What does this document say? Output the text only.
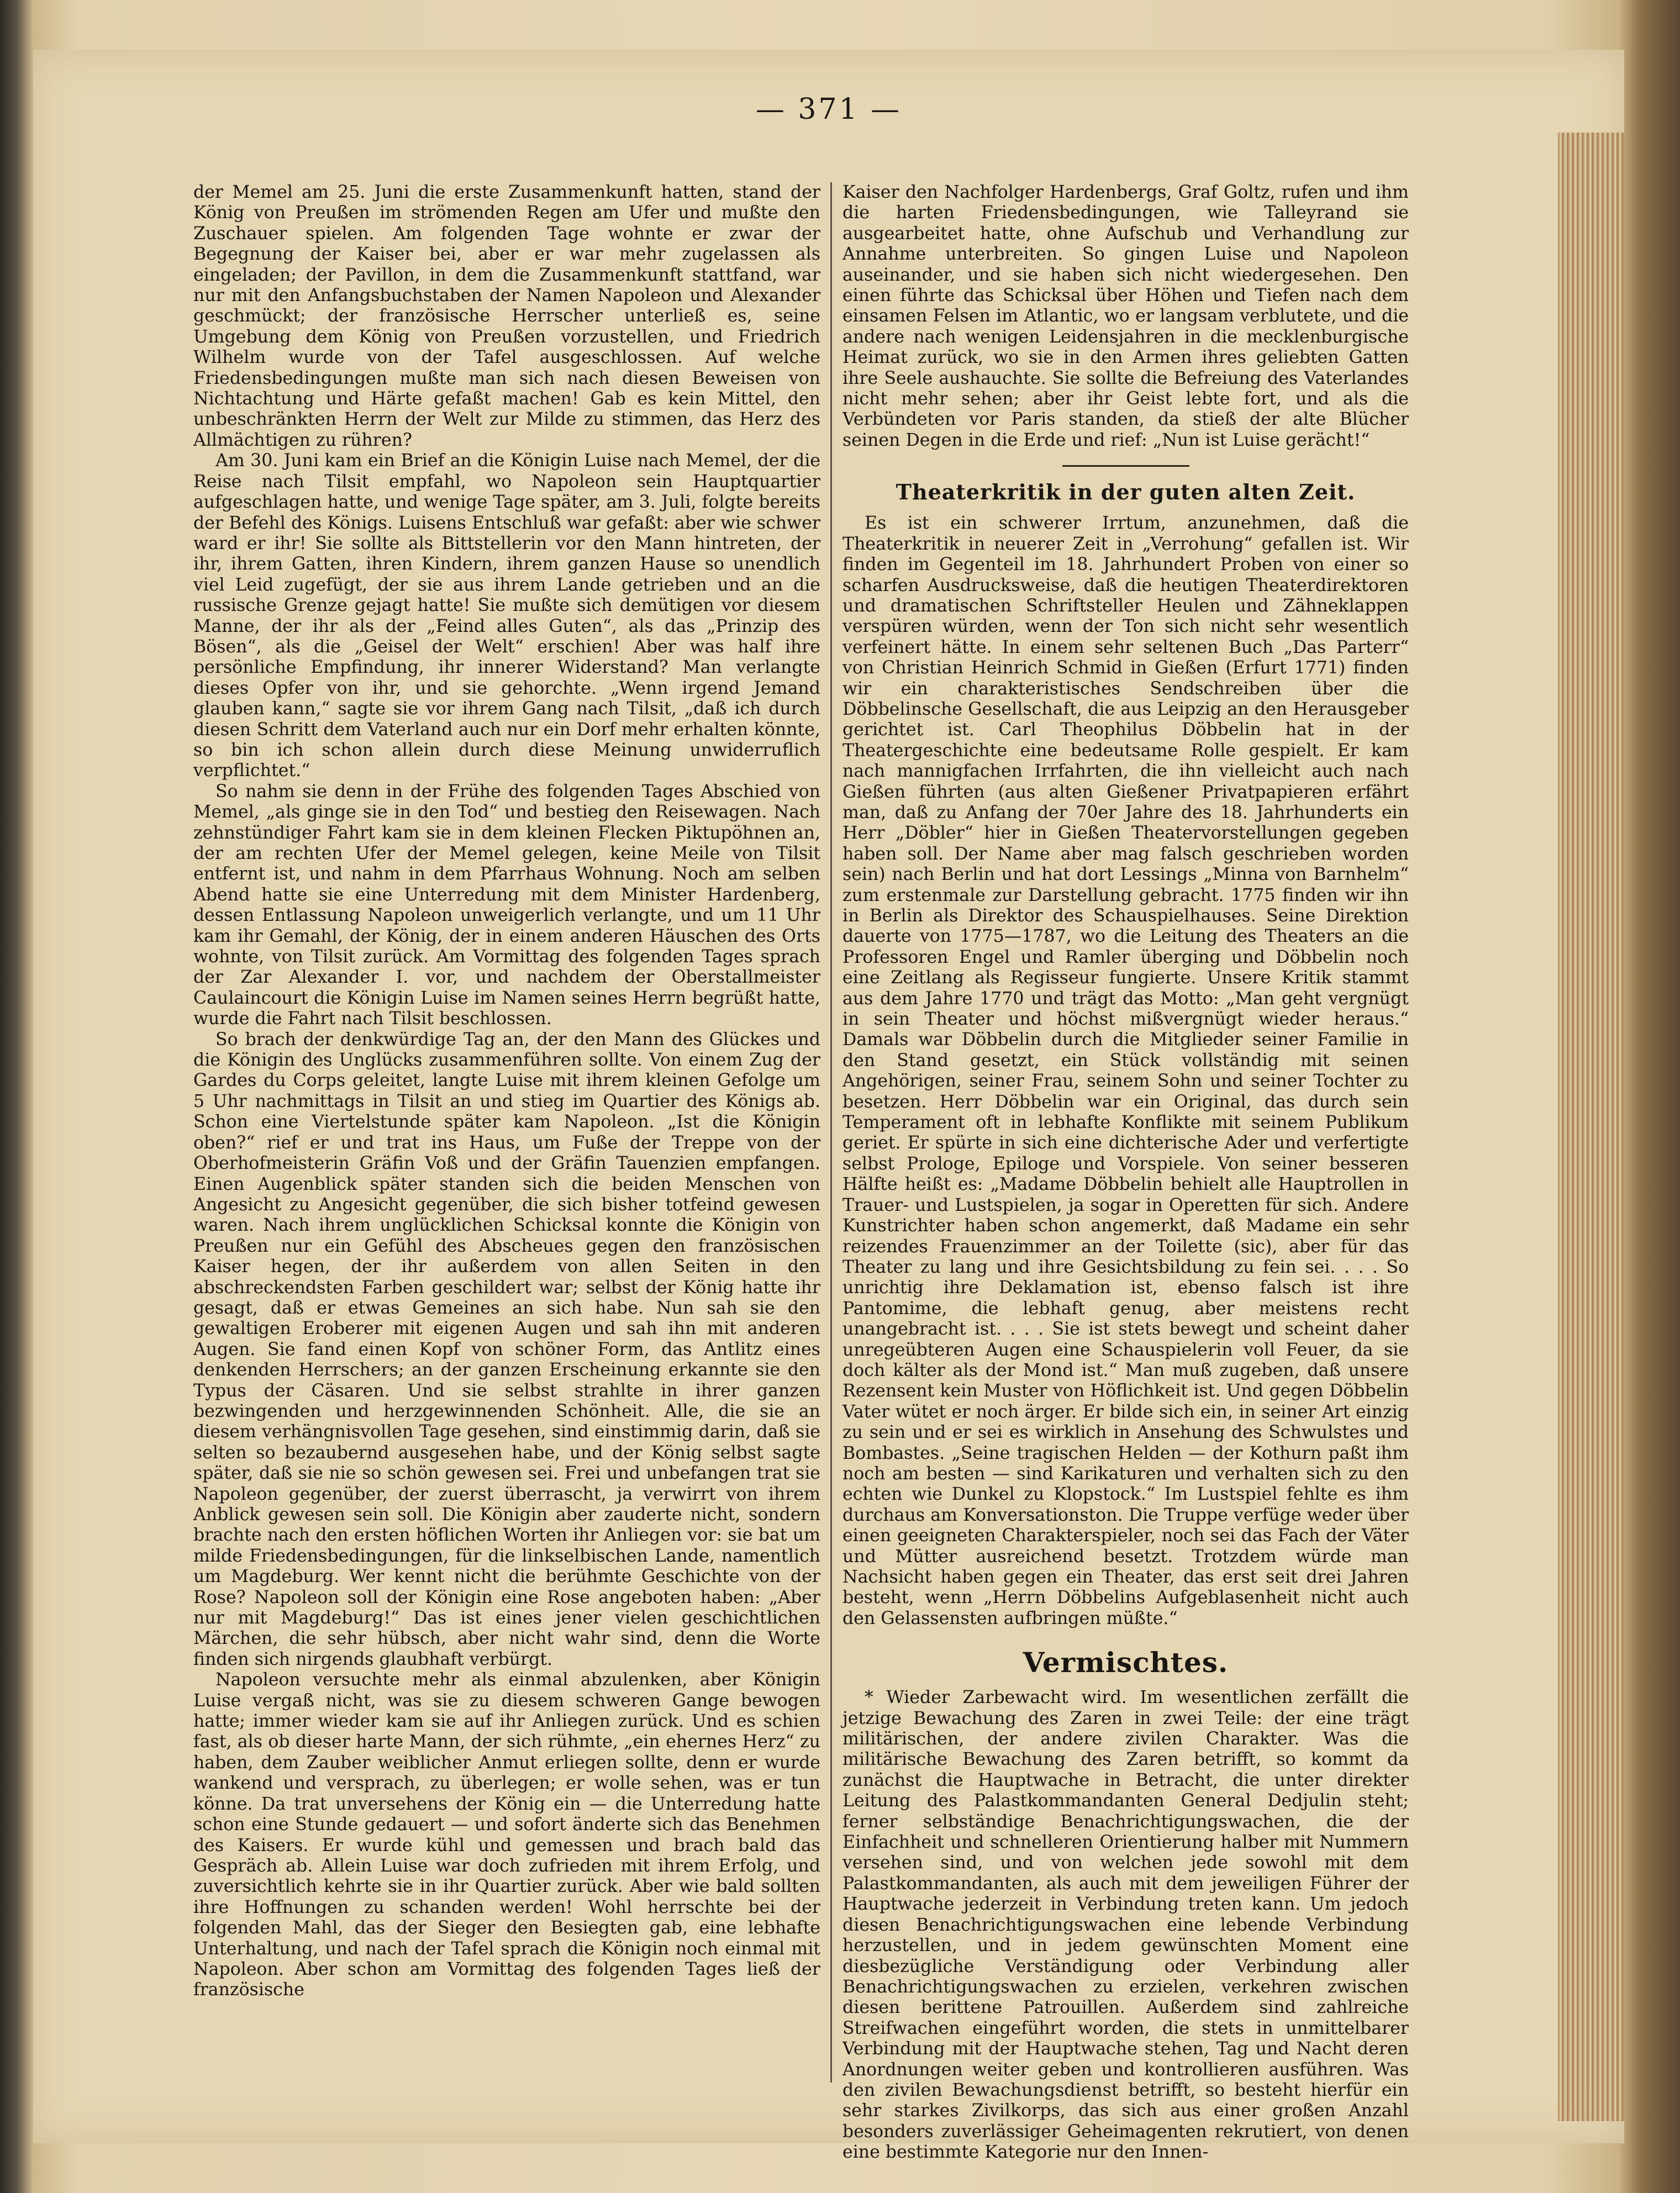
— 371 —

der Memel am 25. Juni die erste Zusammenkunft hatten, stand der König von Preußen im strömenden Regen am Ufer und mußte den Zuschauer spielen. Am folgenden Tage wohnte er zwar der Begegnung der Kaiser bei, aber er war mehr zugelassen als eingeladen; der Pavillon, in dem die Zusammenkunft stattfand, war nur mit den Anfangsbuchstaben der Namen Napoleon und Alexander geschmückt; der französische Herrscher unterließ es, seine Umgebung dem König von Preußen vorzustellen, und Friedrich Wilhelm wurde von der Tafel ausgeschlossen. Auf welche Friedensbedingungen mußte man sich nach diesen Beweisen von Nichtachtung und Härte gefaßt machen! Gab es kein Mittel, den unbeschränkten Herrn der Welt zur Milde zu stimmen, das Herz des Allmächtigen zu rühren?

Am 30. Juni kam ein Brief an die Königin Luise nach Memel, der die Reise nach Tilsit empfahl, wo Napoleon sein Hauptquartier aufgeschlagen hatte, und wenige Tage später, am 3. Juli, folgte bereits der Befehl des Königs. Luisens Entschluß war gefaßt: aber wie schwer ward er ihr! Sie sollte als Bittstellerin vor den Mann hintreten, der ihr, ihrem Gatten, ihren Kindern, ihrem ganzen Hause so unendlich viel Leid zugefügt, der sie aus ihrem Lande getrieben und an die russische Grenze gejagt hatte! Sie mußte sich demütigen vor diesem Manne, der ihr als der „Feind alles Guten“, als das „Prinzip des Bösen“, als die „Geisel der Welt“ erschien! Aber was half ihre persönliche Empfindung, ihr innerer Widerstand? Man verlangte dieses Opfer von ihr, und sie gehorchte. „Wenn irgend Jemand glauben kann,“ sagte sie vor ihrem Gang nach Tilsit, „daß ich durch diesen Schritt dem Vaterland auch nur ein Dorf mehr erhalten könnte, so bin ich schon allein durch diese Meinung unwiderruflich verpflichtet.“

So nahm sie denn in der Frühe des folgenden Tages Abschied von Memel, „als ginge sie in den Tod“ und bestieg den Reisewagen. Nach zehnstündiger Fahrt kam sie in dem kleinen Flecken Piktupöhnen an, der am rechten Ufer der Memel gelegen, keine Meile von Tilsit entfernt ist, und nahm in dem Pfarrhaus Wohnung. Noch am selben Abend hatte sie eine Unterredung mit dem Minister Hardenberg, dessen Entlassung Napoleon unweigerlich verlangte, und um 11 Uhr kam ihr Gemahl, der König, der in einem anderen Häuschen des Orts wohnte, von Tilsit zurück. Am Vormittag des folgenden Tages sprach der Zar Alexander I. vor, und nachdem der Oberstallmeister Caulaincourt die Königin Luise im Namen seines Herrn begrüßt hatte, wurde die Fahrt nach Tilsit beschlossen.

So brach der denkwürdige Tag an, der den Mann des Glückes und die Königin des Unglücks zusammenführen sollte. Von einem Zug der Gardes du Corps geleitet, langte Luise mit ihrem kleinen Gefolge um 5 Uhr nachmittags in Tilsit an und stieg im Quartier des Königs ab. Schon eine Viertelstunde später kam Napoleon. „Ist die Königin oben?“ rief er und trat ins Haus, um Fuße der Treppe von der Oberhofmeisterin Gräfin Voß und der Gräfin Tauenzien empfangen. Einen Augenblick später standen sich die beiden Menschen von Angesicht zu Angesicht gegenüber, die sich bisher totfeind gewesen waren. Nach ihrem unglücklichen Schicksal konnte die Königin von Preußen nur ein Gefühl des Abscheues gegen den französischen Kaiser hegen, der ihr außerdem von allen Seiten in den abschreckendsten Farben geschildert war; selbst der König hatte ihr gesagt, daß er etwas Gemeines an sich habe. Nun sah sie den gewaltigen Eroberer mit eigenen Augen und sah ihn mit anderen Augen. Sie fand einen Kopf von schöner Form, das Antlitz eines denkenden Herrschers; an der ganzen Erscheinung erkannte sie den Typus der Cäsaren. Und sie selbst strahlte in ihrer ganzen bezwingenden und herzgewinnenden Schönheit. Alle, die sie an diesem verhängnisvollen Tage gesehen, sind einstimmig darin, daß sie selten so bezaubernd ausgesehen habe, und der König selbst sagte später, daß sie nie so schön gewesen sei. Frei und unbefangen trat sie Napoleon gegenüber, der zuerst überrascht, ja verwirrt von ihrem Anblick gewesen sein soll. Die Königin aber zauderte nicht, sondern brachte nach den ersten höflichen Worten ihr Anliegen vor: sie bat um milde Friedensbedingungen, für die linkselbischen Lande, namentlich um Magdeburg. Wer kennt nicht die berühmte Geschichte von der Rose? Napoleon soll der Königin eine Rose angeboten haben: „Aber nur mit Magdeburg!“ Das ist eines jener vielen geschichtlichen Märchen, die sehr hübsch, aber nicht wahr sind, denn die Worte finden sich nirgends glaubhaft verbürgt.

Napoleon versuchte mehr als einmal abzulenken, aber Königin Luise vergaß nicht, was sie zu diesem schweren Gange bewogen hatte; immer wieder kam sie auf ihr Anliegen zurück. Und es schien fast, als ob dieser harte Mann, der sich rühmte, „ein ehernes Herz“ zu haben, dem Zauber weiblicher Anmut erliegen sollte, denn er wurde wankend und versprach, zu überlegen; er wolle sehen, was er tun könne. Da trat unversehens der König ein — die Unterredung hatte schon eine Stunde gedauert — und sofort änderte sich das Benehmen des Kaisers. Er wurde kühl und gemessen und brach bald das Gespräch ab. Allein Luise war doch zufrieden mit ihrem Erfolg, und zuversichtlich kehrte sie in ihr Quartier zurück. Aber wie bald sollten ihre Hoffnungen zu schanden werden! Wohl herrschte bei der folgenden Mahl, das der Sieger den Besiegten gab, eine lebhafte Unterhaltung, und nach der Tafel sprach die Königin noch einmal mit Napoleon. Aber schon am Vormittag des folgenden Tages ließ der französische

Kaiser den Nachfolger Hardenbergs, Graf Goltz, rufen und ihm die harten Friedensbedingungen, wie Talleyrand sie ausgearbeitet hatte, ohne Aufschub und Verhandlung zur Annahme unterbreiten. So gingen Luise und Napoleon auseinander, und sie haben sich nicht wiedergesehen. Den einen führte das Schicksal über Höhen und Tiefen nach dem einsamen Felsen im Atlantic, wo er langsam verblutete, und die andere nach wenigen Leidensjahren in die mecklenburgische Heimat zurück, wo sie in den Armen ihres geliebten Gatten ihre Seele aushauchte. Sie sollte die Befreiung des Vaterlandes nicht mehr sehen; aber ihr Geist lebte fort, und als die Verbündeten vor Paris standen, da stieß der alte Blücher seinen Degen in die Erde und rief: „Nun ist Luise gerächt!“

Theaterkritik in der guten alten Zeit.

Es ist ein schwerer Irrtum, anzunehmen, daß die Theaterkritik in neuerer Zeit in „Verrohung“ gefallen ist. Wir finden im Gegenteil im 18. Jahrhundert Proben von einer so scharfen Ausdrucksweise, daß die heutigen Theaterdirektoren und dramatischen Schriftsteller Heulen und Zähneklappen verspüren würden, wenn der Ton sich nicht sehr wesentlich verfeinert hätte. In einem sehr seltenen Buch „Das Parterr“ von Christian Heinrich Schmid in Gießen (Erfurt 1771) finden wir ein charakteristisches Sendschreiben über die Döbbelinsche Gesellschaft, die aus Leipzig an den Herausgeber gerichtet ist. Carl Theophilus Döbbelin hat in der Theatergeschichte eine bedeutsame Rolle gespielt. Er kam nach mannigfachen Irrfahrten, die ihn vielleicht auch nach Gießen führten (aus alten Gießener Privatpapieren erfährt man, daß zu Anfang der 70er Jahre des 18. Jahrhunderts ein Herr „Döbler“ hier in Gießen Theatervorstellungen gegeben haben soll. Der Name aber mag falsch geschrieben worden sein) nach Berlin und hat dort Lessings „Minna von Barnhelm“ zum erstenmale zur Darstellung gebracht. 1775 finden wir ihn in Berlin als Direktor des Schauspielhauses. Seine Direktion dauerte von 1775—1787, wo die Leitung des Theaters an die Professoren Engel und Ramler überging und Döbbelin noch eine Zeitlang als Regisseur fungierte. Unsere Kritik stammt aus dem Jahre 1770 und trägt das Motto: „Man geht vergnügt in sein Theater und höchst mißvergnügt wieder heraus.“ Damals war Döbbelin durch die Mitglieder seiner Familie in den Stand gesetzt, ein Stück vollständig mit seinen Angehörigen, seiner Frau, seinem Sohn und seiner Tochter zu besetzen. Herr Döbbelin war ein Original, das durch sein Temperament oft in lebhafte Konflikte mit seinem Publikum geriet. Er spürte in sich eine dichterische Ader und verfertigte selbst Prologe, Epiloge und Vorspiele. Von seiner besseren Hälfte heißt es: „Madame Döbbelin behielt alle Hauptrollen in Trauer- und Lustspielen, ja sogar in Operetten für sich. Andere Kunstrichter haben schon angemerkt, daß Madame ein sehr reizendes Frauenzimmer an der Toilette (sic), aber für das Theater zu lang und ihre Gesichtsbildung zu fein sei. . . . So unrichtig ihre Deklamation ist, ebenso falsch ist ihre Pantomime, die lebhaft genug, aber meistens recht unangebracht ist. . . . Sie ist stets bewegt und scheint daher unregeübteren Augen eine Schauspielerin voll Feuer, da sie doch kälter als der Mond ist.“ Man muß zugeben, daß unsere Rezensent kein Muster von Höflichkeit ist. Und gegen Döbbelin Vater wütet er noch ärger. Er bilde sich ein, in seiner Art einzig zu sein und er sei es wirklich in Ansehung des Schwulstes und Bombastes. „Seine tragischen Helden — der Kothurn paßt ihm noch am besten — sind Karikaturen und verhalten sich zu den echten wie Dunkel zu Klopstock.“ Im Lustspiel fehlte es ihm durchaus am Konversationston. Die Truppe verfüge weder über einen geeigneten Charakterspieler, noch sei das Fach der Väter und Mütter ausreichend besetzt. Trotzdem würde man Nachsicht haben gegen ein Theater, das erst seit drei Jahren besteht, wenn „Herrn Döbbelins Aufgeblasenheit nicht auch den Gelassensten aufbringen müßte.“

Vermischtes.

* Wieder Zarbewacht wird. Im wesentlichen zerfällt die jetzige Bewachung des Zaren in zwei Teile: der eine trägt militärischen, der andere zivilen Charakter. Was die militärische Bewachung des Zaren betrifft, so kommt da zunächst die Hauptwache in Betracht, die unter direkter Leitung des Palastkommandanten General Dedjulin steht; ferner selbständige Benachrichtigungswachen, die der Einfachheit und schnelleren Orientierung halber mit Nummern versehen sind, und von welchen jede sowohl mit dem Palastkommandanten, als auch mit dem jeweiligen Führer der Hauptwache jederzeit in Verbindung treten kann. Um jedoch diesen Benachrichtigungswachen eine lebende Verbindung herzustellen, und in jedem gewünschten Moment eine diesbezügliche Verständigung oder Verbindung aller Benachrichtigungswachen zu erzielen, verkehren zwischen diesen berittene Patrouillen. Außerdem sind zahlreiche Streifwachen eingeführt worden, die stets in unmittelbarer Verbindung mit der Hauptwache stehen, Tag und Nacht deren Anordnungen weiter geben und kontrollieren ausführen. Was den zivilen Bewachungsdienst betrifft, so besteht hierfür ein sehr starkes Zivilkorps, das sich aus einer großen Anzahl besonders zuverlässiger Geheimagenten rekrutiert, von denen eine bestimmte Kategorie nur den Innen-
